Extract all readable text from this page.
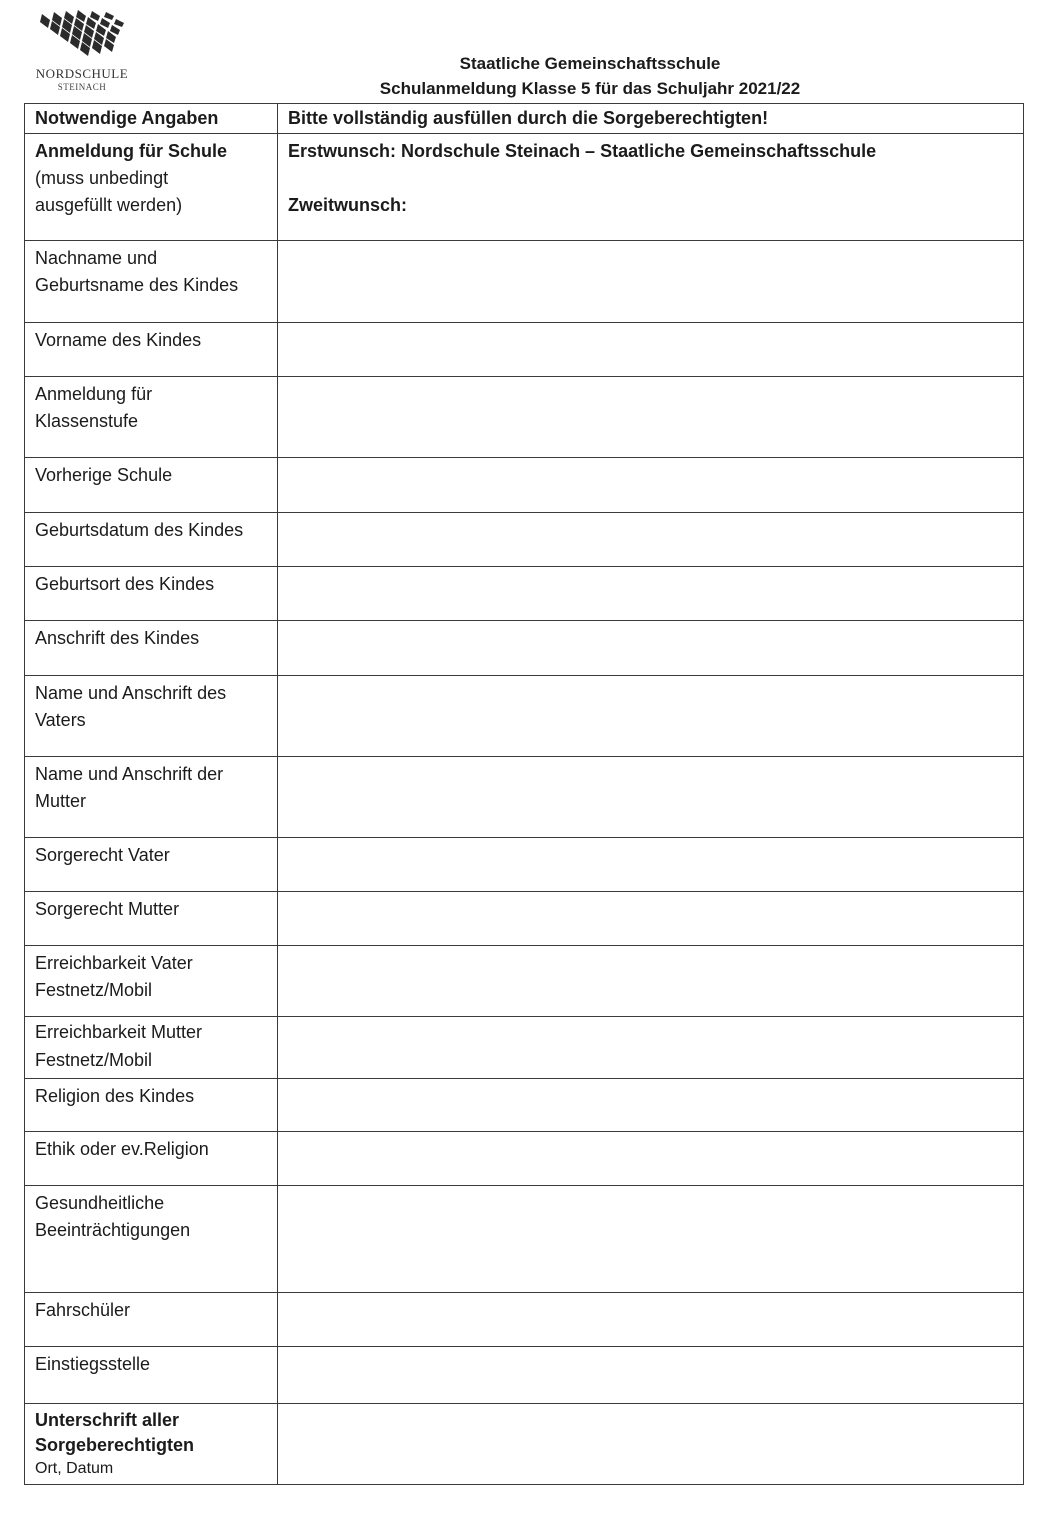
NORDSCHULE
STEINACH
Staatliche Gemeinschaftsschule
Schulanmeldung Klasse 5 für das Schuljahr 2021/22
Notwendige Angaben	Bitte vollständig ausfüllen durch die Sorgeberechtigten!

Anmeldung für Schule
(muss unbedingt
ausgefüllt werden)	Erstwunsch: Nordschule Steinach – Staatliche Gemeinschaftsschule

Zweitwunsch:

Nachname und
Geburtsname des Kindes	

Vorname des Kindes	

Anmeldung für
Klassenstufe	

Vorherige Schule	

Geburtsdatum des Kindes	

Geburtsort des Kindes	

Anschrift des Kindes	

Name und Anschrift des
Vaters	

Name und Anschrift der
Mutter	

Sorgerecht Vater	

Sorgerecht Mutter	

Erreichbarkeit Vater
Festnetz/Mobil	

Erreichbarkeit Mutter
Festnetz/Mobil	

Religion des Kindes	

Ethik oder ev.Religion	

Gesundheitliche
Beeinträchtigungen	

Fahrschüler	

Einstiegsstelle	

Unterschrift aller
Sorgeberechtigten
Ort, Datum	
